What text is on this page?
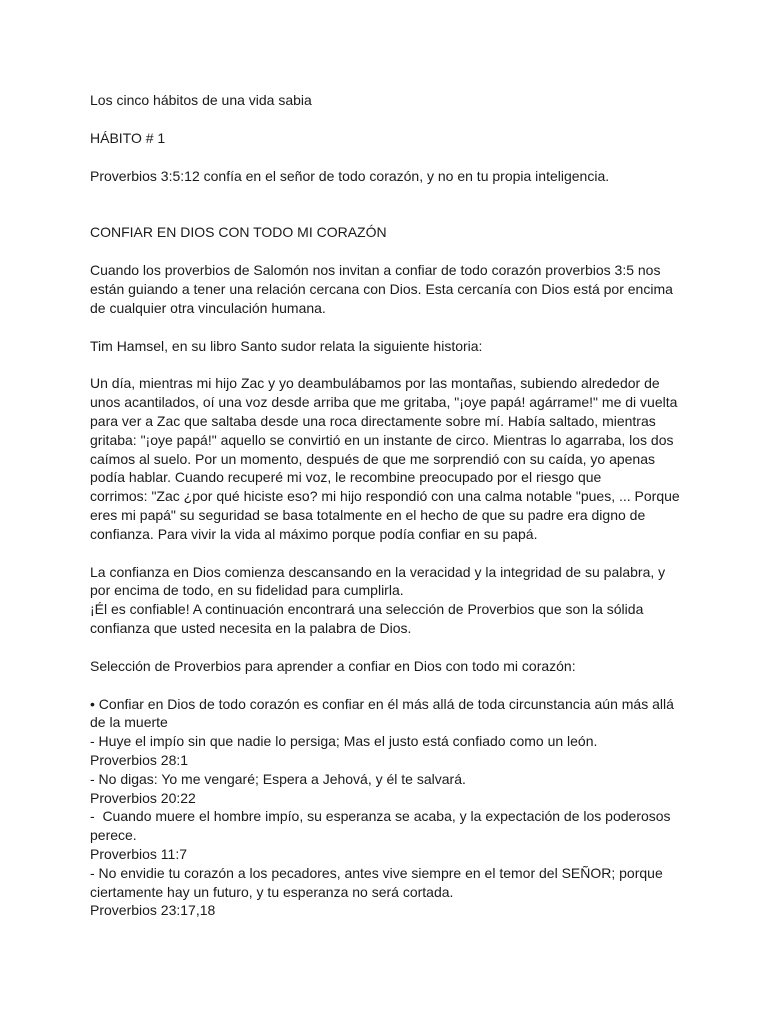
Los cinco hábitos de una vida sabia

HÁBITO # 1

Proverbios 3:5:12 confía en el señor de todo corazón, y no en tu propia inteligencia.

CONFIAR EN DIOS CON TODO MI CORAZÓN

Cuando los proverbios de Salomón nos invitan a confiar de todo corazón proverbios 3:5 nos
están guiando a tener una relación cercana con Dios. Esta cercanía con Dios está por encima
de cualquier otra vinculación humana.

Tim Hamsel, en su libro Santo sudor relata la siguiente historia:

Un día, mientras mi hijo Zac y yo deambulábamos por las montañas, subiendo alrededor de
unos acantilados, oí una voz desde arriba que me gritaba, "¡oye papá! agárrame!" me di vuelta
para ver a Zac que saltaba desde una roca directamente sobre mí. Había saltado, mientras
gritaba: "¡oye papá!" aquello se convirtió en un instante de circo. Mientras lo agarraba, los dos
caímos al suelo. Por un momento, después de que me sorprendió con su caída, yo apenas
podía hablar. Cuando recuperé mi voz, le recombine preocupado por el riesgo que
corrimos: "Zac ¿por qué hiciste eso? mi hijo respondió con una calma notable "pues, ... Porque
eres mi papá" su seguridad se basa totalmente en el hecho de que su padre era digno de
confianza. Para vivir la vida al máximo porque podía confiar en su papá.
La confianza en Dios comienza descansando en la veracidad y la integridad de su palabra, y
por encima de todo, en su fidelidad para cumplirla.
¡Él es confiable! A continuación encontrará una selección de Proverbios que son la sólida
confianza que usted necesita en la palabra de Dios.

Selección de Proverbios para aprender a confiar en Dios con todo mi corazón:

• Confiar en Dios de todo corazón es confiar en él más allá de toda circunstancia aún más allá
de la muerte
- Huye el impío sin que nadie lo persiga; Mas el justo está confiado como un león.
Proverbios 28:1
- No digas: Yo me vengaré; Espera a Jehová, y él te salvará.
Proverbios 20:22
-  Cuando muere el hombre impío, su esperanza se acaba, y la expectación de los poderosos
perece.
Proverbios 11:7
- No envidie tu corazón a los pecadores, antes vive siempre en el temor del SEÑOR; porque
ciertamente hay un futuro, y tu esperanza no será cortada.
Proverbios 23:17,18
